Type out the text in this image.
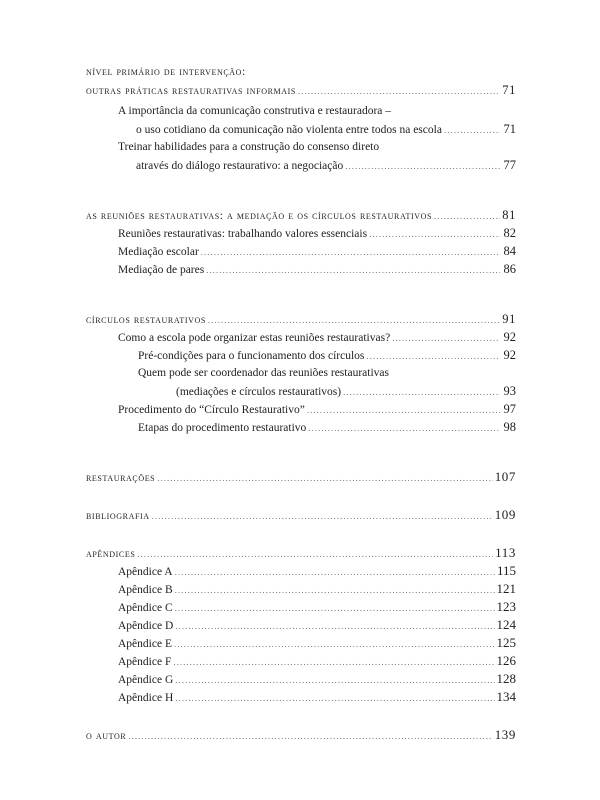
nível primário de intervenção:
outras práticas restaurativas informais .....	71
A importância da comunicação construtiva e restauradora –
o uso cotidiano da comunicação não violenta entre todos na escola .....	71
Treinar habilidades para a construção do consenso direto
através do diálogo restaurativo: a negociação .....	77
as reuniões restaurativas: a mediação e os círculos restaurativos .....	81
Reuniões restaurativas: trabalhando valores essenciais .....	82
Mediação escolar .....	84
Mediação de pares .....	86
círculos restaurativos .....	91
Como a escola pode organizar estas reuniões restaurativas? .....	92
Pré-condições para o funcionamento dos círculos .....	92
Quem pode ser coordenador das reuniões restaurativas
(mediações e círculos restaurativos) .....	93
Procedimento do “Círculo Restaurativo” .....	97
Etapas do procedimento restaurativo .....	98
restaurações .....	107
bibliografia .....	109
apêndices .....	113
Apêndice A .....	115
Apêndice B .....	121
Apêndice C .....	123
Apêndice D .....	124
Apêndice E .....	125
Apêndice F .....	126
Apêndice G .....	128
Apêndice H .....	134
o autor .....	139
